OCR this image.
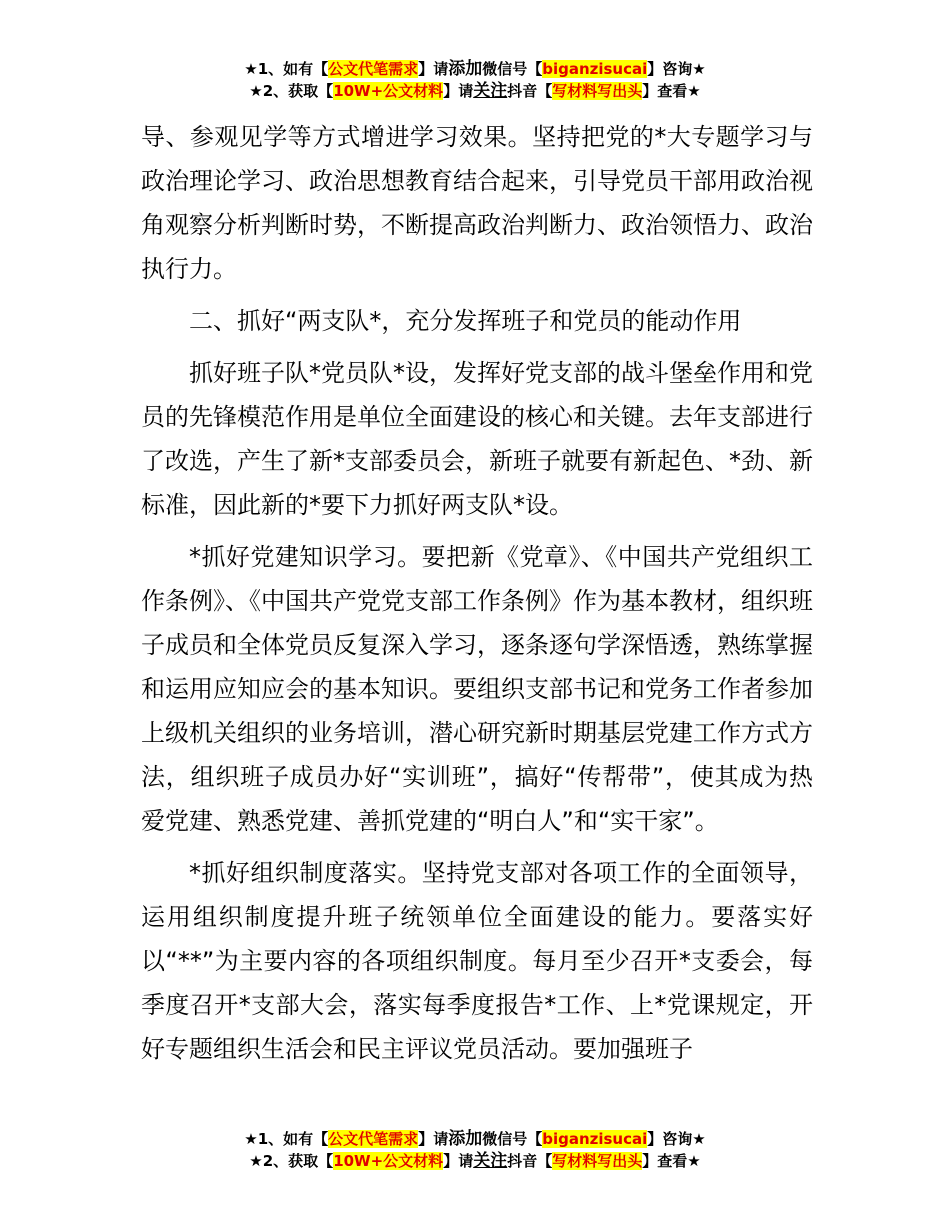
★1、如有【公文代笔需求】请添加微信号【biganzisucai】咨询★
★2、获取【10W+公文材料】请关注抖音【写材料写出头】查看★

导、参观见学等方式增进学习效果。坚持把党的*大专题学习与政治理论学习、政治思想教育结合起来，引导党员干部用政治视角观察分析判断时势，不断提高政治判断力、政治领悟力、政治执行力。

二、抓好“两支队*，充分发挥班子和党员的能动作用

抓好班子队*党员队*设，发挥好党支部的战斗堡垒作用和党员的先锋模范作用是单位全面建设的核心和关键。去年支部进行了改选，产生了新*支部委员会，新班子就要有新起色、*劲、新标准，因此新的*要下力抓好两支队*设。

*抓好党建知识学习。要把新《党章》、《中国共产党组织工作条例》、《中国共产党党支部工作条例》作为基本教材，组织班子成员和全体党员反复深入学习，逐条逐句学深悟透，熟练掌握和运用应知应会的基本知识。要组织支部书记和党务工作者参加上级机关组织的业务培训，潜心研究新时期基层党建工作方式方法，组织班子成员办好“实训班”，搞好“传帮带”，使其成为热爱党建、熟悉党建、善抓党建的“明白人”和“实干家”。

*抓好组织制度落实。坚持党支部对各项工作的全面领导，运用组织制度提升班子统领单位全面建设的能力。要落实好以“**”为主要内容的各项组织制度。每月至少召开*支委会，每季度召开*支部大会，落实每季度报告*工作、上*党课规定，开好专题组织生活会和民主评议党员活动。要加强班子

★1、如有【公文代笔需求】请添加微信号【biganzisucai】咨询★
★2、获取【10W+公文材料】请关注抖音【写材料写出头】查看★
